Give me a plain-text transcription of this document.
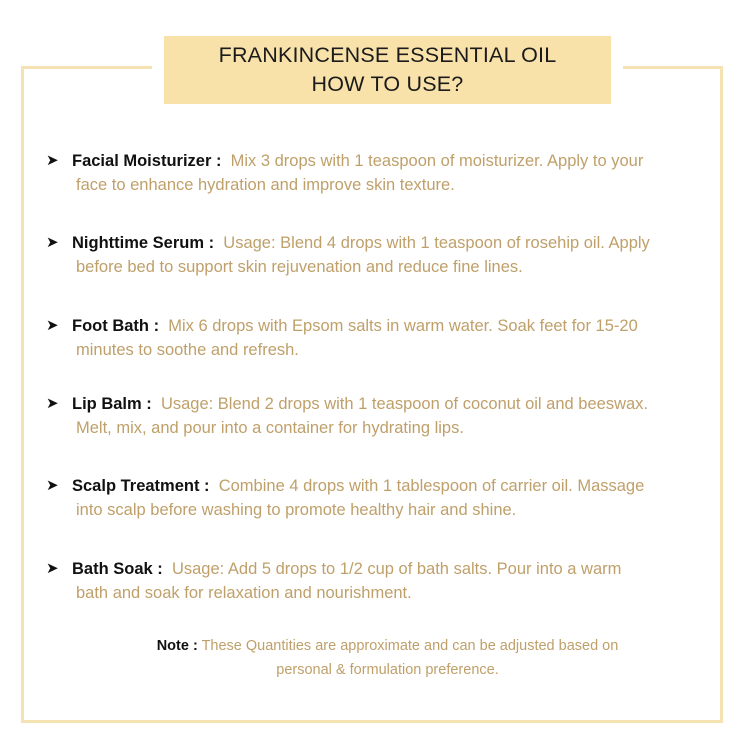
FRANKINCENSE ESSENTIAL OIL
HOW TO USE?
➤ Facial Moisturizer : Mix 3 drops with 1 teaspoon of moisturizer. Apply to your
face to enhance hydration and improve skin texture.
➤ Nighttime Serum : Usage: Blend 4 drops with 1 teaspoon of rosehip oil. Apply
before bed to support skin rejuvenation and reduce fine lines.
➤ Foot Bath : Mix 6 drops with Epsom salts in warm water. Soak feet for 15-20
minutes to soothe and refresh.
➤ Lip Balm : Usage: Blend 2 drops with 1 teaspoon of coconut oil and beeswax.
Melt, mix, and pour into a container for hydrating lips.
➤ Scalp Treatment : Combine 4 drops with 1 tablespoon of carrier oil. Massage
into scalp before washing to promote healthy hair and shine.
➤ Bath Soak : Usage: Add 5 drops to 1/2 cup of bath salts. Pour into a warm
bath and soak for relaxation and nourishment.
Note : These Quantities are approximate and can be adjusted based on
personal & formulation preference.
